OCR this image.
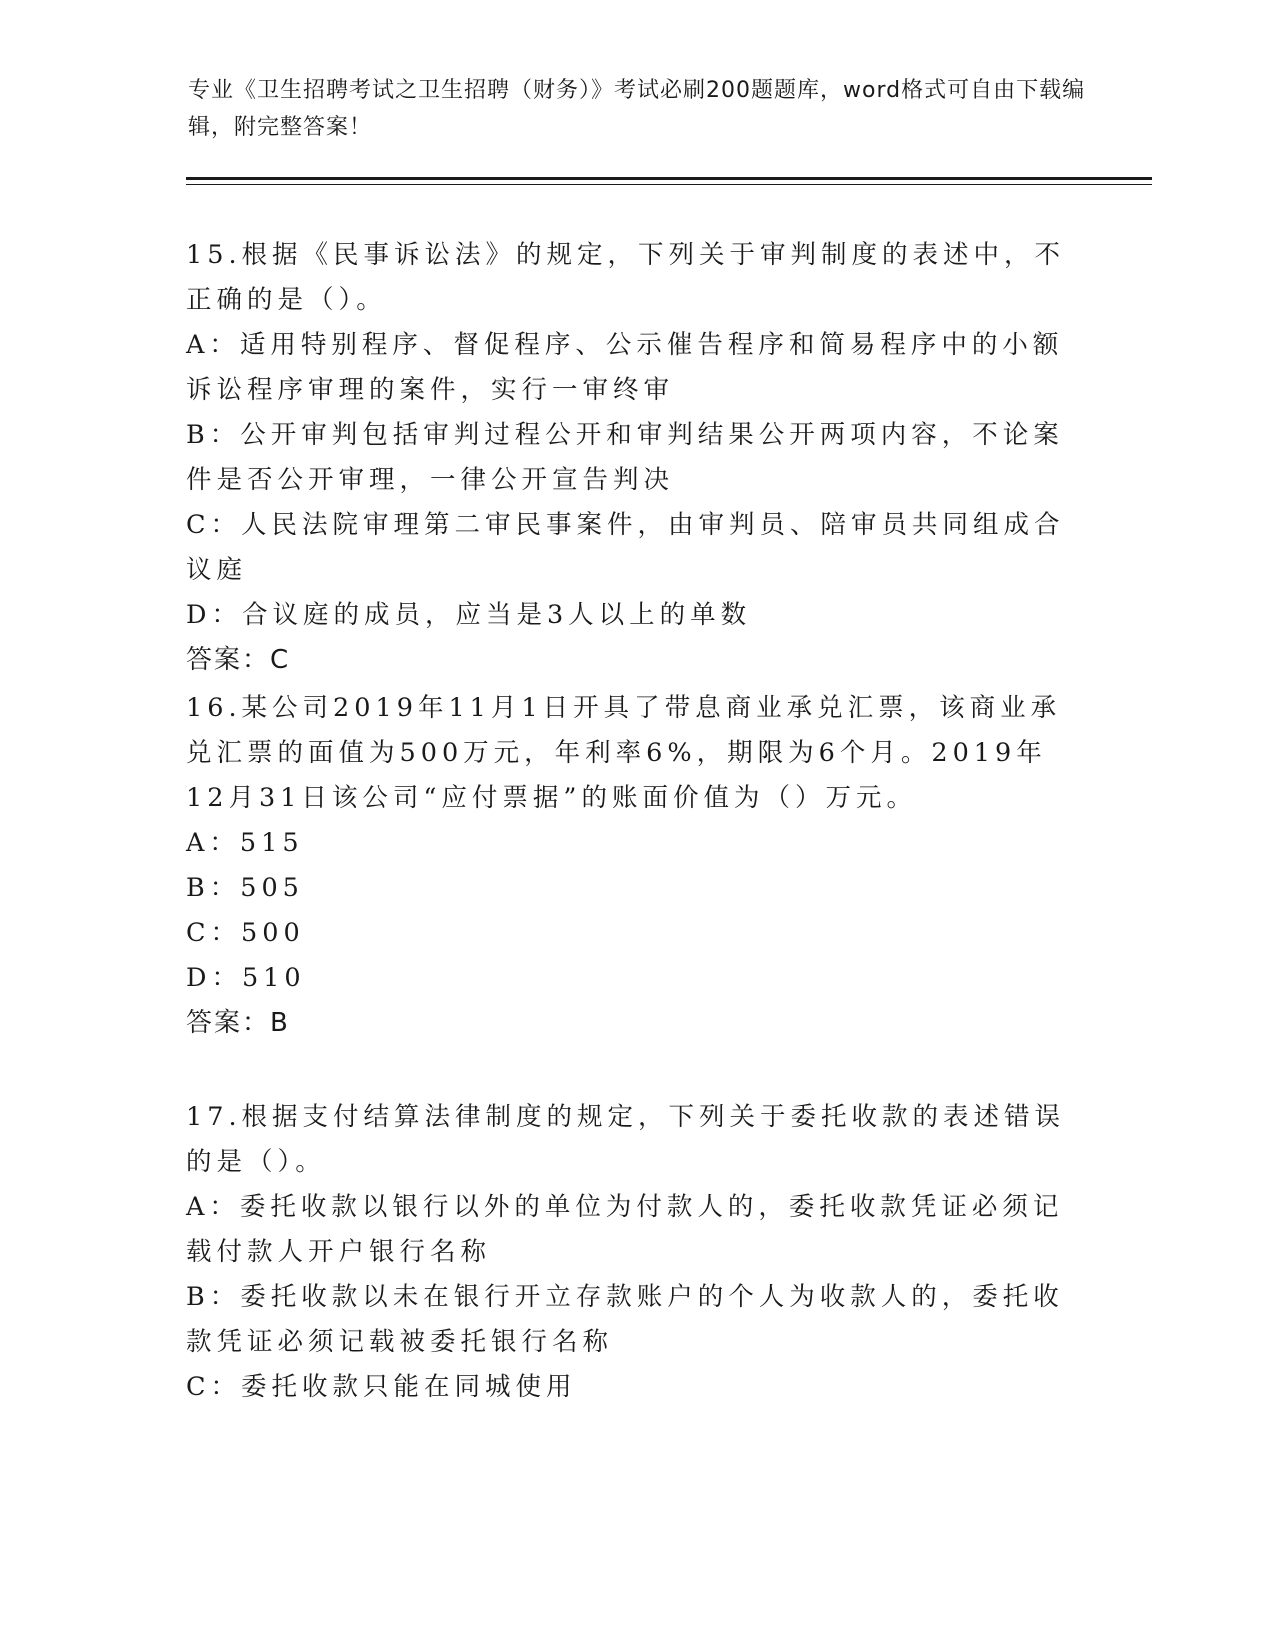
专业《卫生招聘考试之卫生招聘（财务）》考试必刷200题题库，word格式可自由下载编辑，附完整答案！

15.根据《民事诉讼法》的规定，下列关于审判制度的表述中，不正确的是（）。

A：适用特别程序、督促程序、公示催告程序和简易程序中的小额诉讼程序审理的案件，实行一审终审

B：公开审判包括审判过程公开和审判结果公开两项内容，不论案件是否公开审理，一律公开宣告判决

C：人民法院审理第二审民事案件，由审判员、陪审员共同组成合议庭

D：合议庭的成员，应当是3人以上的单数

答案：C

16.某公司2019年11月1日开具了带息商业承兑汇票，该商业承兑汇票的面值为500万元，年利率6%，期限为6个月。2019年12月31日该公司“应付票据”的账面价值为（）万元。

A：515

B：505

C：500

D：510

答案：B

17.根据支付结算法律制度的规定，下列关于委托收款的表述错误的是（）。

A：委托收款以银行以外的单位为付款人的，委托收款凭证必须记载付款人开户银行名称

B：委托收款以未在银行开立存款账户的个人为收款人的，委托收款凭证必须记载被委托银行名称

C：委托收款只能在同城使用
